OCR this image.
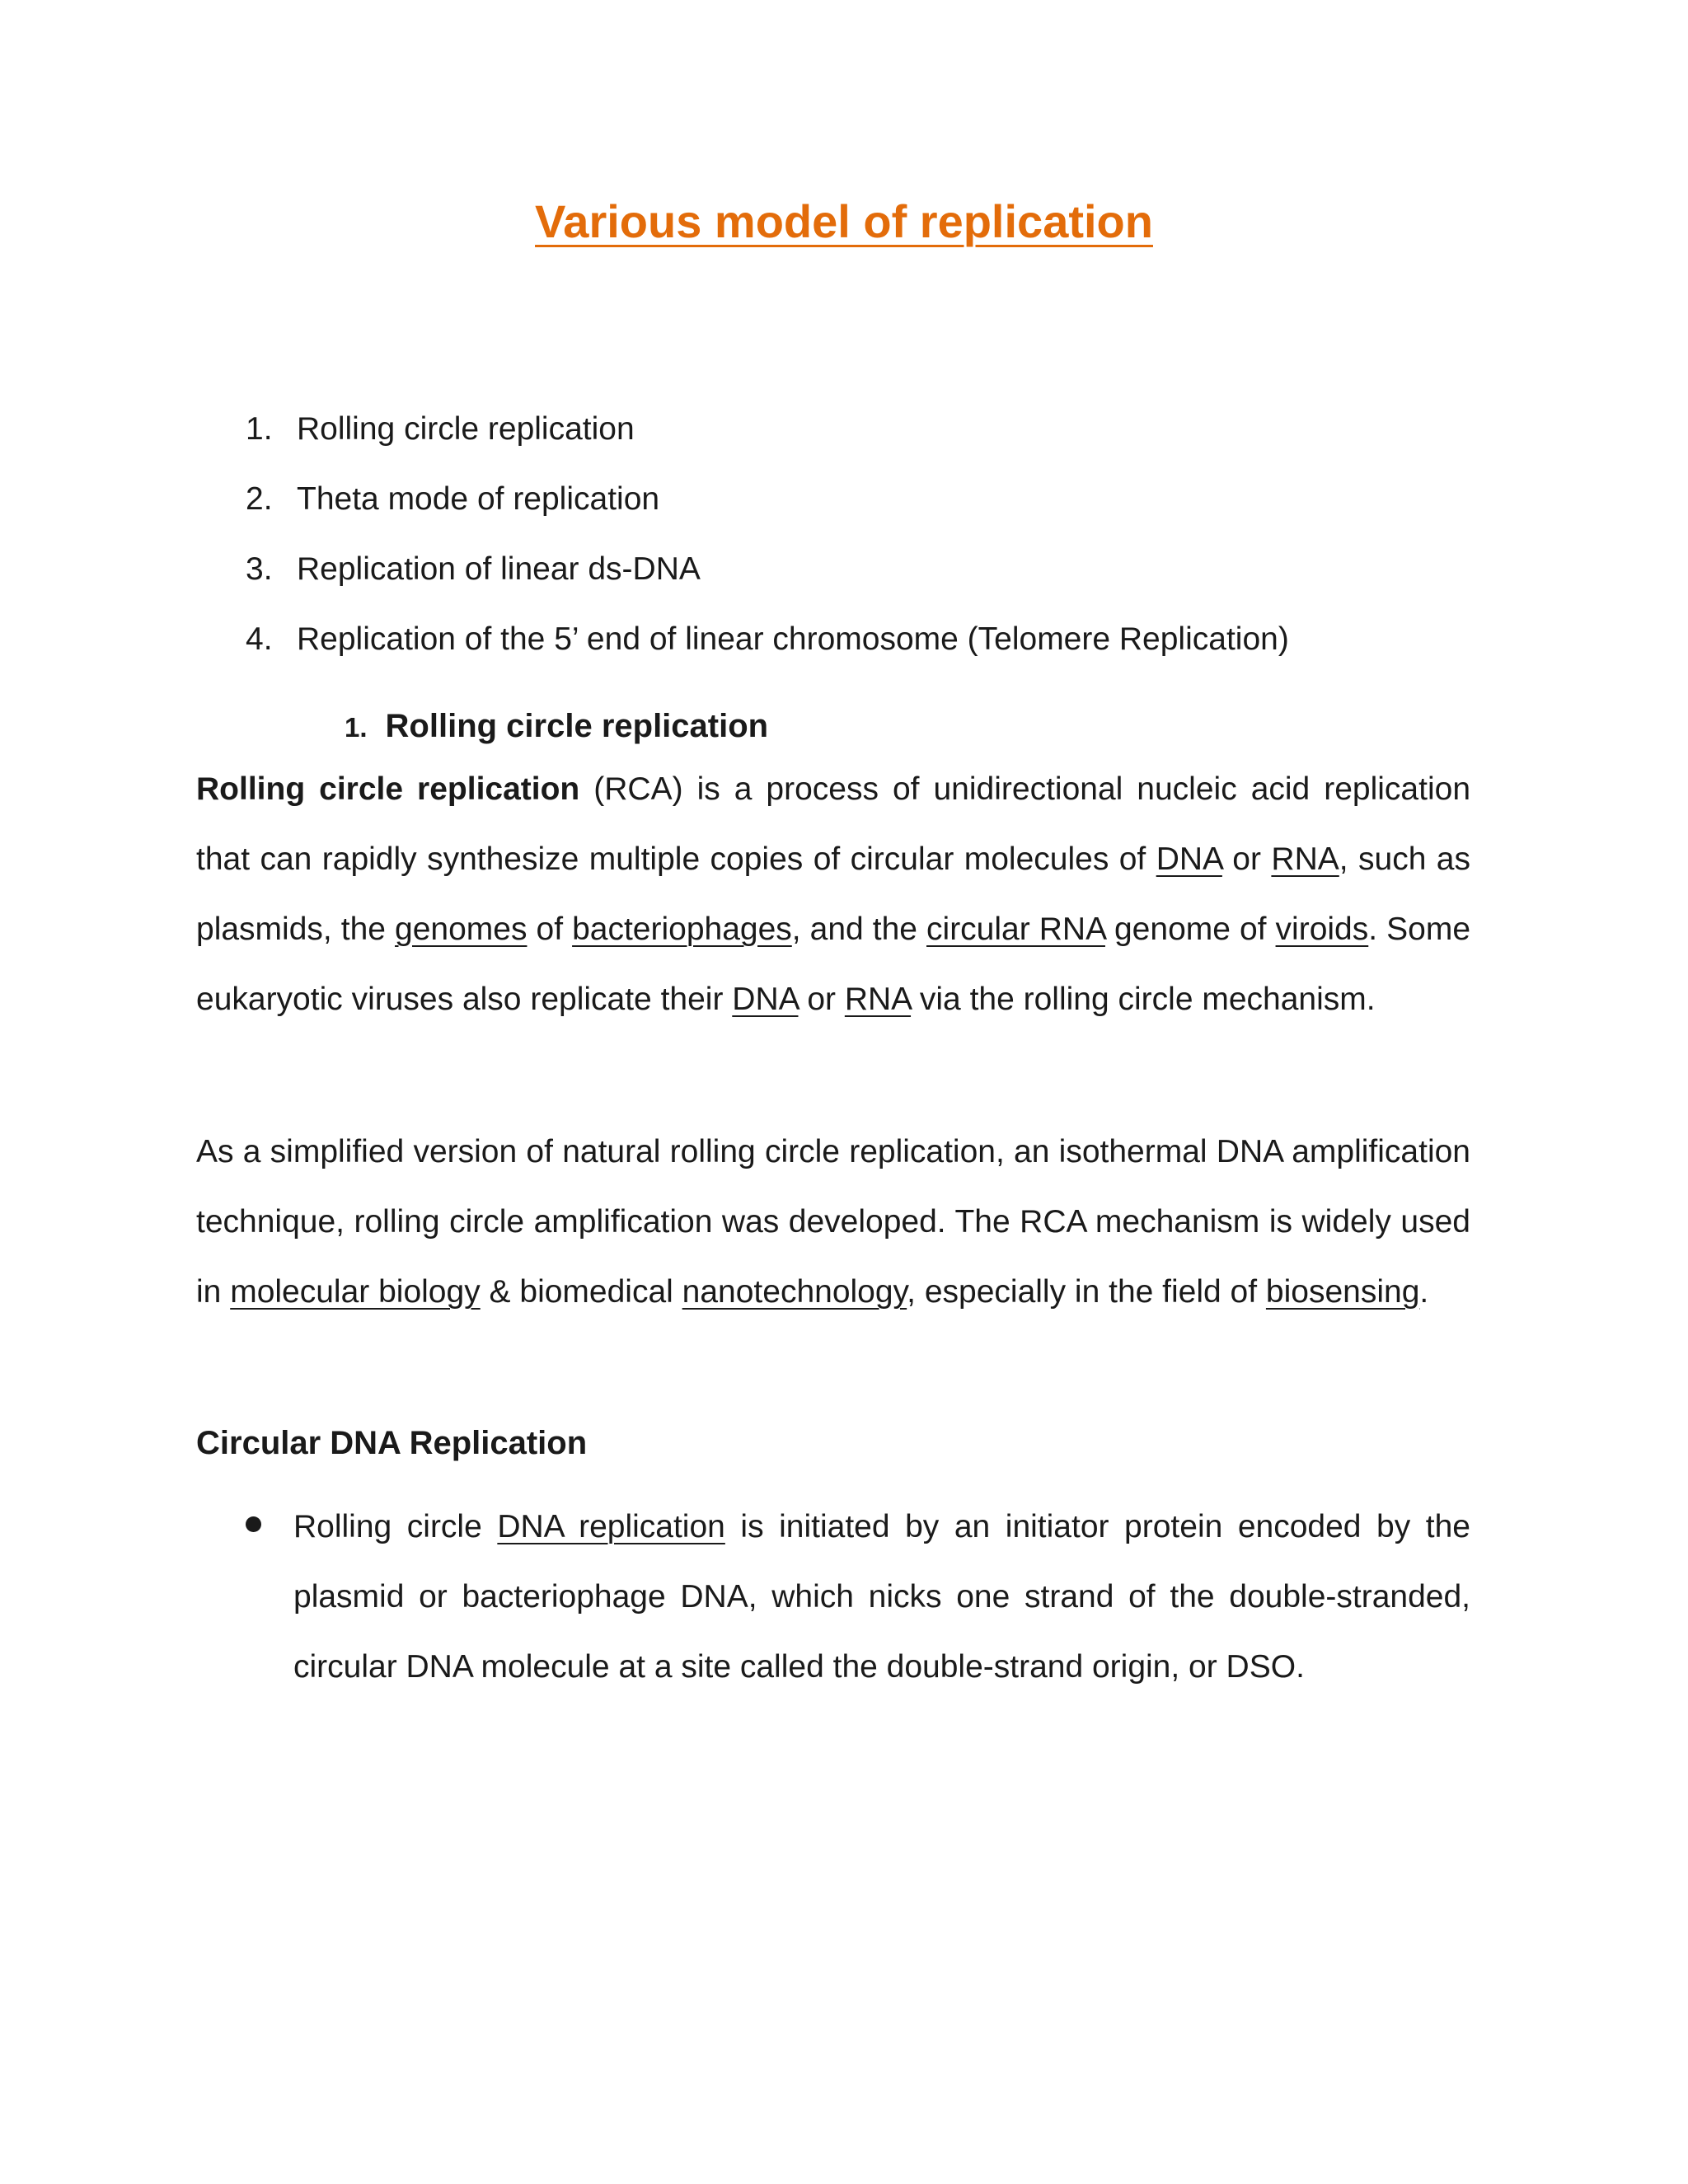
Various model of replication
1. Rolling circle replication
2. Theta mode of replication
3. Replication of linear ds-DNA
4. Replication of the 5’ end of linear chromosome (Telomere Replication)
1. Rolling circle replication

Rolling circle replication (RCA) is a process of unidirectional nucleic acid replication that can rapidly synthesize multiple copies of circular molecules of DNA or RNA, such as plasmids, the genomes of bacteriophages, and the circular RNA genome of viroids. Some eukaryotic viruses also replicate their DNA or RNA via the rolling circle mechanism.

As a simplified version of natural rolling circle replication, an isothermal DNA amplification technique, rolling circle amplification was developed. The RCA mechanism is widely used in molecular biology & biomedical nanotechnology, especially in the field of biosensing.

Circular DNA Replication

Rolling circle DNA replication is initiated by an initiator protein encoded by the plasmid or bacteriophage DNA, which nicks one strand of the double-stranded, circular DNA molecule at a site called the double-strand origin, or DSO.
